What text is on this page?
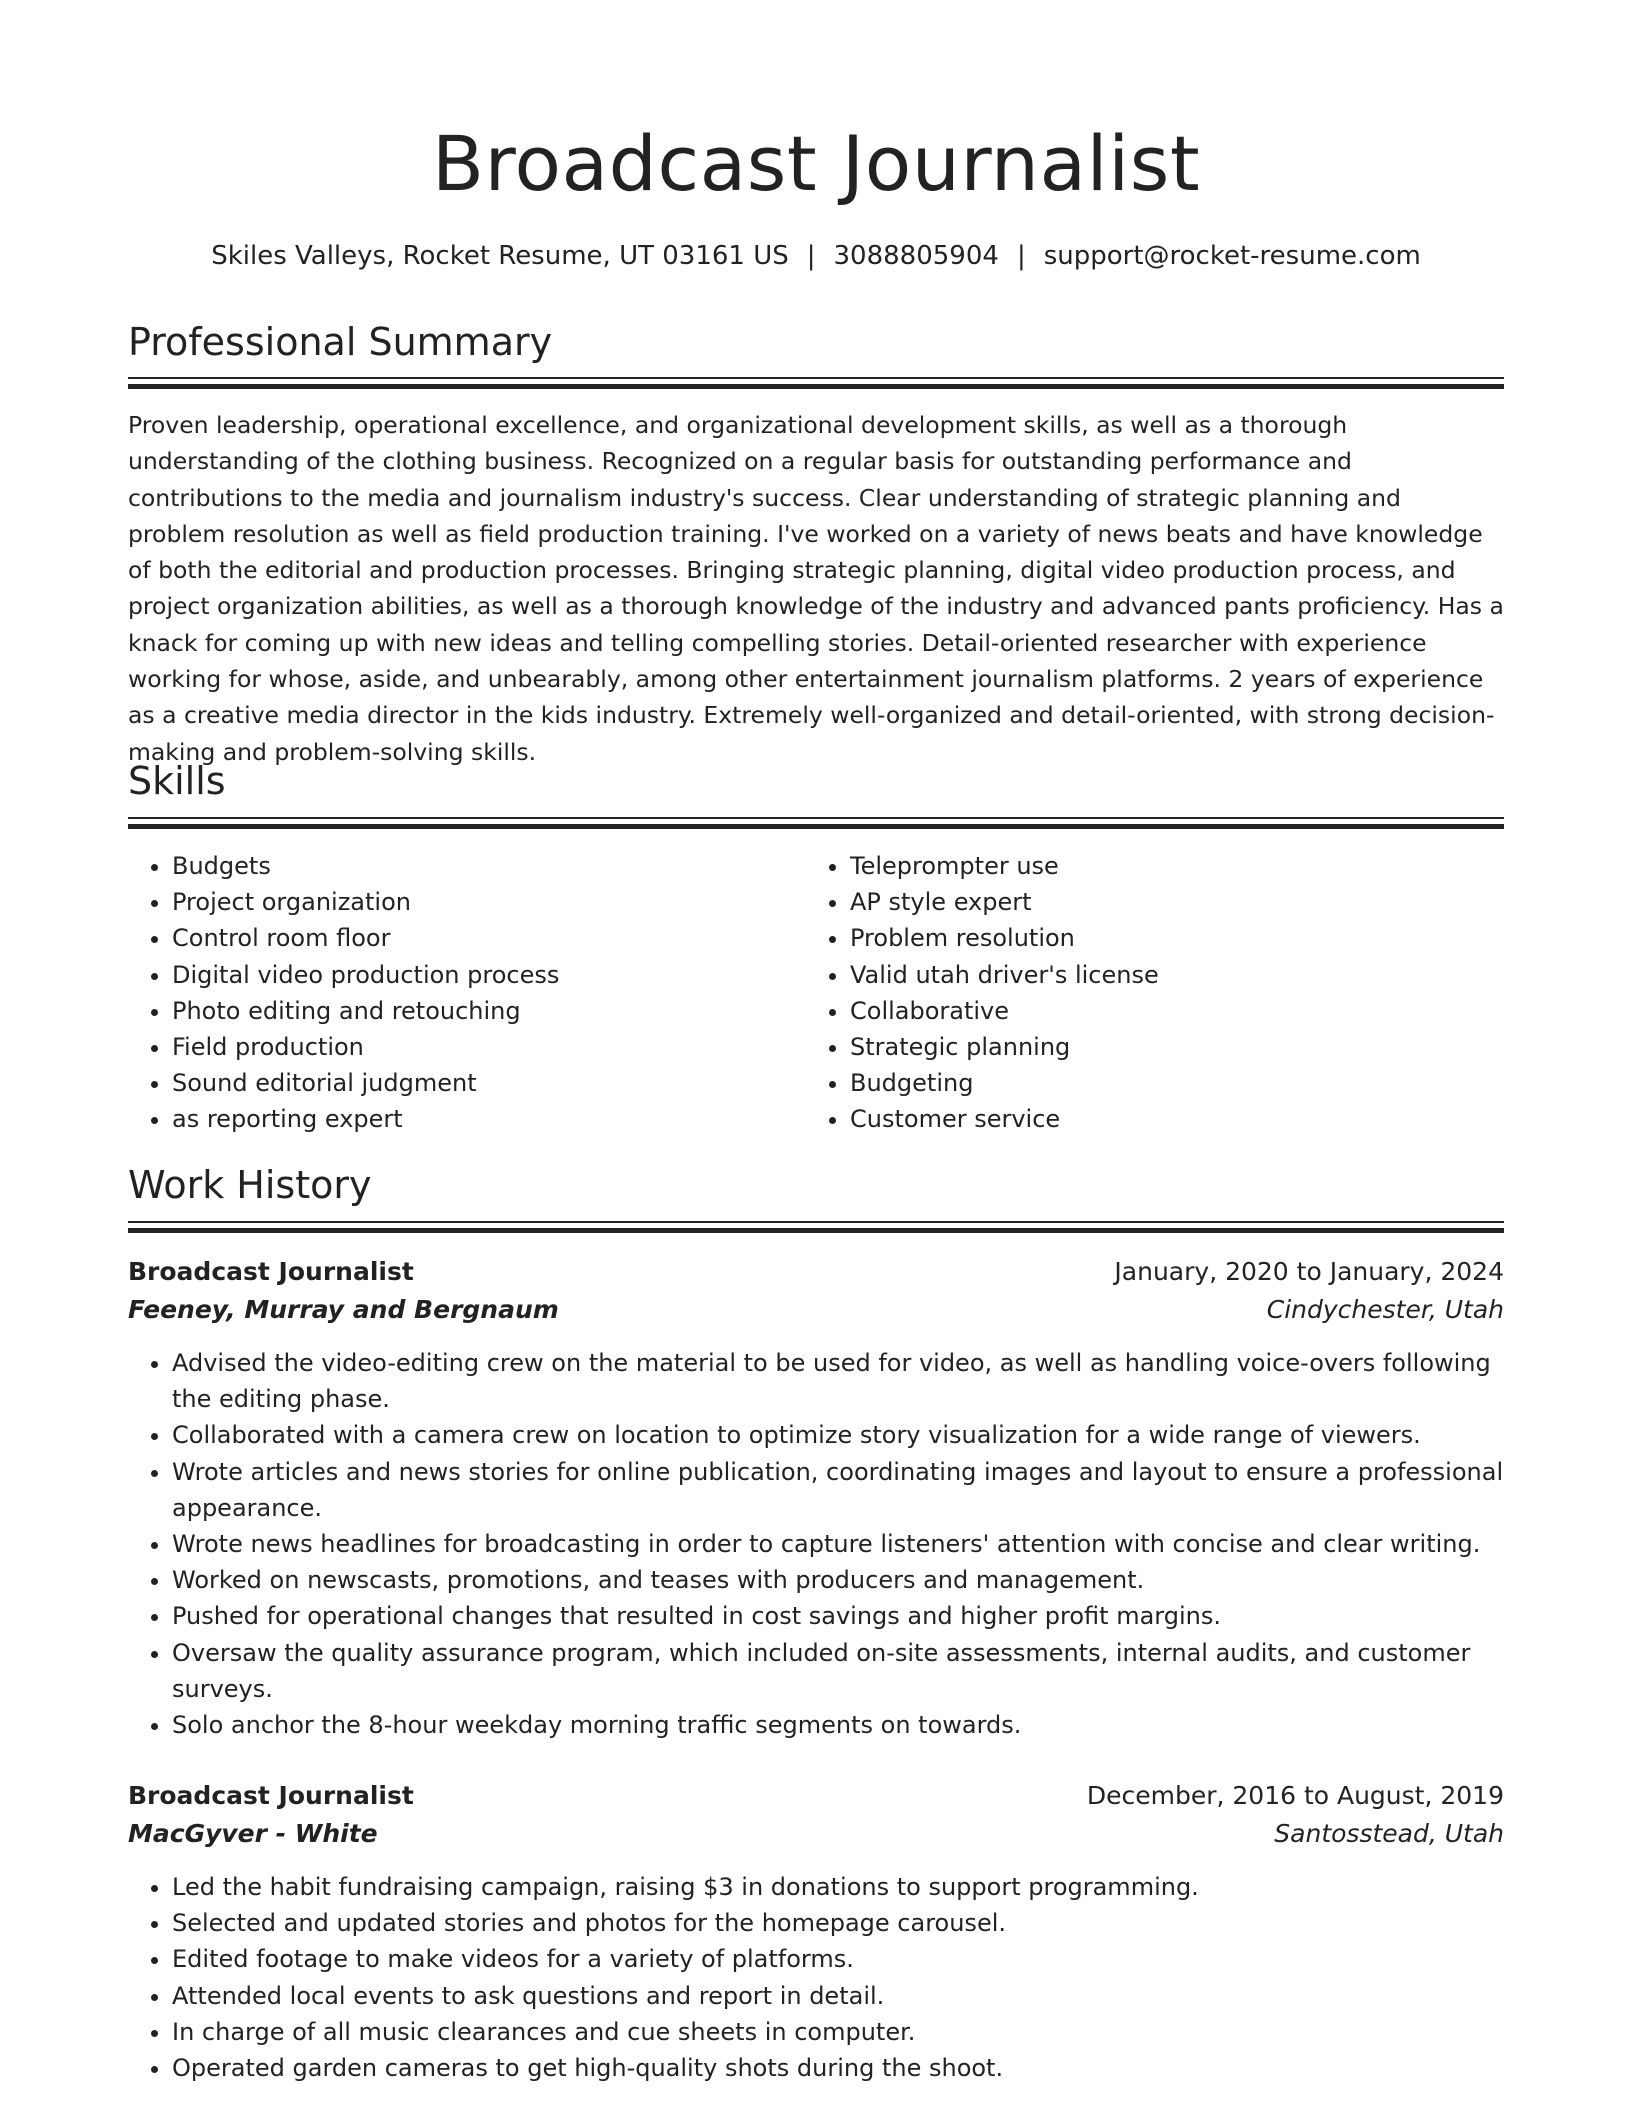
Broadcast Journalist
Skiles Valleys, Rocket Resume, UT 03161 US | 3088805904 | support@rocket-resume.com
Professional Summary

Proven leadership, operational excellence, and organizational development skills, as well as a thorough understanding of the clothing business. Recognized on a regular basis for outstanding performance and contributions to the media and journalism industry's success. Clear understanding of strategic planning and problem resolution as well as field production training. I've worked on a variety of news beats and have knowledge of both the editorial and production processes. Bringing strategic planning, digital video production process, and project organization abilities, as well as a thorough knowledge of the industry and advanced pants proficiency. Has a knack for coming up with new ideas and telling compelling stories. Detail-oriented researcher with experience working for whose, aside, and unbearably, among other entertainment journalism platforms. 2 years of experience as a creative media director in the kids industry. Extremely well-organized and detail-oriented, with strong decision-making and problem-solving skills.

Skills
• Budgets
• Project organization
• Control room floor
• Digital video production process
• Photo editing and retouching
• Field production
• Sound editorial judgment
• as reporting expert
• Teleprompter use
• AP style expert
• Problem resolution
• Valid utah driver's license
• Collaborative
• Strategic planning
• Budgeting
• Customer service
Work History
Broadcast Journalist	January, 2020 to January, 2024
Feeney, Murray and Bergnaum	Cindychester, Utah
• Advised the video-editing crew on the material to be used for video, as well as handling voice-overs following the editing phase.
• Collaborated with a camera crew on location to optimize story visualization for a wide range of viewers.
• Wrote articles and news stories for online publication, coordinating images and layout to ensure a professional appearance.
• Wrote news headlines for broadcasting in order to capture listeners' attention with concise and clear writing.
• Worked on newscasts, promotions, and teases with producers and management.
• Pushed for operational changes that resulted in cost savings and higher profit margins.
• Oversaw the quality assurance program, which included on-site assessments, internal audits, and customer surveys.
• Solo anchor the 8-hour weekday morning traffic segments on towards.
Broadcast Journalist	December, 2016 to August, 2019
MacGyver - White	Santosstead, Utah
• Led the habit fundraising campaign, raising $3 in donations to support programming.
• Selected and updated stories and photos for the homepage carousel.
• Edited footage to make videos for a variety of platforms.
• Attended local events to ask questions and report in detail.
• In charge of all music clearances and cue sheets in computer.
• Operated garden cameras to get high-quality shots during the shoot.
